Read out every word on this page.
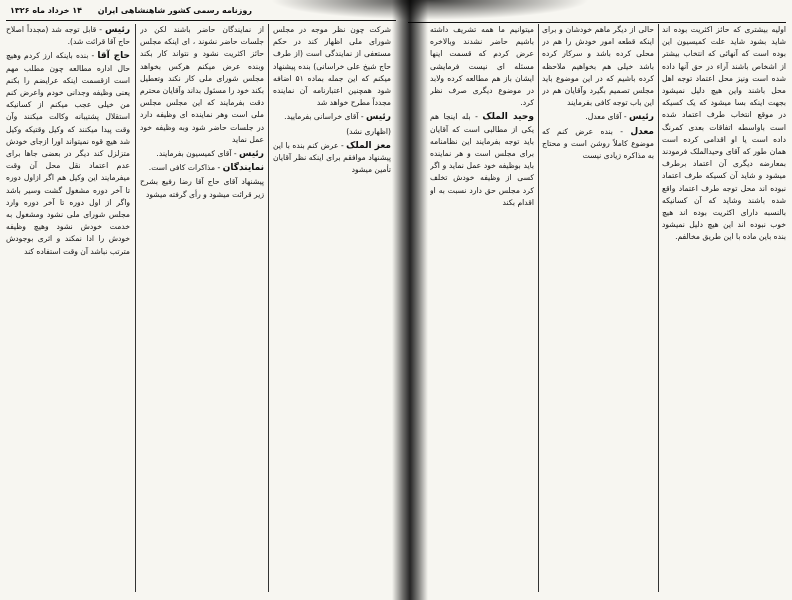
روزنامه رسمی کشور شاهنشاهی ایران
۱۴ خرداد ماه ۱۳۲۶

رئیس - قابل توجه شد (مجدداً اصلاح حاج آقا قرائت شد).

حاج آقا - بنده باینکه ارز کردم وهیچ حال اداره مطالعه چون مطلب مهم است ازقسمت اینکه عرایضم را بکنم یعنی وظیفه وجدانی خودم واعرض کنم من خیلی عجب میکنم از کسانیکه استقلال پشتیبانه وکالت میکنند وآن وقت پیدا میکنند که وکیل وقتیکه وکیل شد هیچ قوه نمیتواند اورا ازجای خودش متزلزل کند دیگر در بعضی جاها برای عدم اعتماد نقل محل آن وقت میفرمایند این وکیل هم اگر ازاول دوره تا آخر دوره مشغول گشت وسیر باشد واگر از اول دوره تا آخر دوره وارد مجلس شورای ملی نشود ومشغول به خدمت خودش نشود وهیچ وظیفه خودش را ادا نمکند و اثری بوجودش مترتب نباشد آن وقت استفاده کند

از نمایندگان حاضر باشند لکن در جلسات حاضر نشوند ، ای اینکه مجلس حائز اکثریت نشود و نتواند کار بکند وبنده عرض میکنم هرکس بخواهد مجلس شورای ملی کار نکند وتعطیل بکند خود را مسئول بداند وآقایان محترم دقت بفرمایند که این مجلس مجلس ملی است وهر نماینده ای وظیفه دارد در جلسات حاضر شود وبه وظیفه خود عمل نماید

رئیس - آقای کمیسیون بفرمایند.

نمایندگان - مذاکرات کافی است.

پیشنهاد آقای حاج آقا رضا رفیع بشرح زیر قرائت میشود و رأی گرفته میشود

شرکت چون نظر موجه در مجلس شورای ملی اظهار کند در حکم مستعفی از نمایندگی است (از طرف حاج شیخ علی خراسانی) بنده پیشنهاد میکنم که این جمله بماده ۵۱ اضافه شود همچنین اعتبارنامه آن نماینده مجدداً مطرح خواهد شد

رئیس - آقای خراسانی بفرمایید.

(اظهاری نشد)

معز الملک - عرض کنم بنده با این پیشنهاد موافقم برای اینکه نظر آقایان تأمین میشود

میتوانیم ما همه تشریف داشته باشیم حاضر نشدند وبالاخره عرض کردم که قسمت اینها مسئله ای نیست فرمایشی ایشان باز هم مطالعه کرده ولابد در موضوع دیگری صرف نظر کرد.

وحید الملک - بله اینجا هم یکی از مطالبی است که آقایان باید توجه بفرمایند این نظامنامه برای مجلس است و هر نماینده باید بوظیفه خود عمل نماید و اگر کسی از وظیفه خودش تخلف کرد مجلس حق دارد نسبت به او اقدام بکند

حالی از دیگر ماهم خودشان و برای اینکه قطعه امور خودش را هم در محلی کرده باشد و سرکار کرده باشد خیلی هم بخواهیم ملاحظه کرده باشیم که در این موضوع باید مجلس تصمیم بگیرد وآقایان هم در این باب توجه کافی بفرمایند

رئیس - آقای معدل.

معدل - بنده عرض کنم که موضوع کاملاً روشن است و محتاج به مذاکره زیادی نیست

اولیه بیشتری که حائز اکثریت بوده اند شاید بشود شاید علت کمیسیون این بوده است که آنهائی که انتخاب بیشتر از اشخاص باشند آراء در حق آنها داده شده است ونیز محل اعتماد توجه اهل محل باشند واین هیچ دلیل نمیشود بجهت اینکه بسا میشود که یک کسیکه در موقع انتخاب طرف اعتماد شده است باواسطه اتفاقات بعدی کمرنگ داده است یا او اقدامی کرده است همان طور که آقای وحیدالملک فرمودند بمعارضه دیگری آن اعتماد برطرف میشود و شاید آن کسیکه طرف اعتماد نبوده اند محل توجه طرف اعتماد واقع شده باشند وشاید که آن کسانیکه بالنسبه دارای اکثریت بوده اند هیچ خوب نبوده اند این هیچ دلیل نمیشود بنده باین ماده با این طریق مخالفم.
